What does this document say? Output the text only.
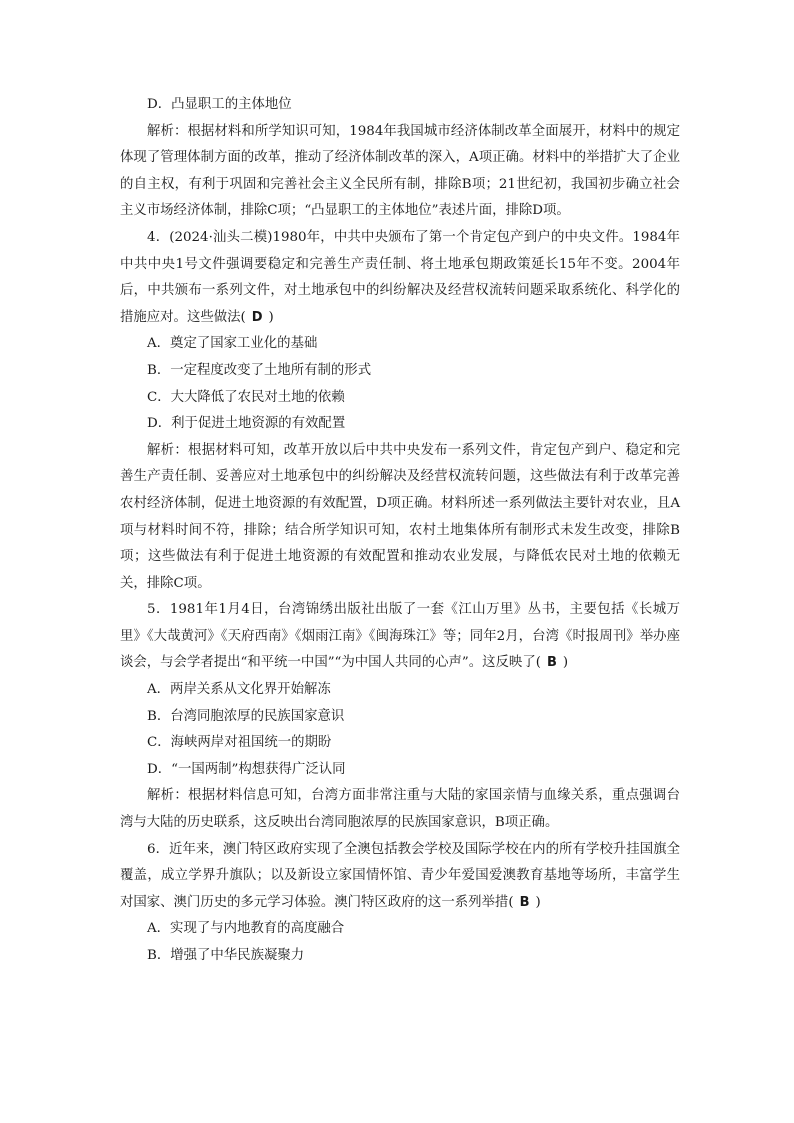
D．凸显职工的主体地位

解析：根据材料和所学知识可知，1984年我国城市经济体制改革全面展开，材料中的规定体现了管理体制方面的改革，推动了经济体制改革的深入，A项正确。材料中的举措扩大了企业的自主权，有利于巩固和完善社会主义全民所有制，排除B项；21世纪初，我国初步确立社会主义市场经济体制，排除C项；“凸显职工的主体地位”表述片面，排除D项。

4．(2024·汕头二模)1980年，中共中央颁布了第一个肯定包产到户的中央文件。1984年中共中央1号文件强调要稳定和完善生产责任制、将土地承包期政策延长15年不变。2004年后，中共颁布一系列文件，对土地承包中的纠纷解决及经营权流转问题采取系统化、科学化的措施应对。这些做法( D )

A．奠定了国家工业化的基础

B．一定程度改变了土地所有制的形式

C．大大降低了农民对土地的依赖

D．利于促进土地资源的有效配置

解析：根据材料可知，改革开放以后中共中央发布一系列文件，肯定包产到户、稳定和完善生产责任制、妥善应对土地承包中的纠纷解决及经营权流转问题，这些做法有利于改革完善农村经济体制，促进土地资源的有效配置，D项正确。材料所述一系列做法主要针对农业，且A项与材料时间不符，排除；结合所学知识可知，农村土地集体所有制形式未发生改变，排除B项；这些做法有利于促进土地资源的有效配置和推动农业发展，与降低农民对土地的依赖无关，排除C项。

5．1981年1月4日，台湾锦绣出版社出版了一套《江山万里》丛书，主要包括《长城万里》《大哉黄河》《天府西南》《烟雨江南》《闽海珠江》等；同年2月，台湾《时报周刊》举办座谈会，与会学者提出“和平统一中国”“为中国人共同的心声”。这反映了( B )

A．两岸关系从文化界开始解冻

B．台湾同胞浓厚的民族国家意识

C．海峡两岸对祖国统一的期盼

D．“一国两制”构想获得广泛认同

解析：根据材料信息可知，台湾方面非常注重与大陆的家国亲情与血缘关系，重点强调台湾与大陆的历史联系，这反映出台湾同胞浓厚的民族国家意识，B项正确。

6．近年来，澳门特区政府实现了全澳包括教会学校及国际学校在内的所有学校升挂国旗全覆盖，成立学界升旗队；以及新设立家国情怀馆、青少年爱国爱澳教育基地等场所，丰富学生对国家、澳门历史的多元学习体验。澳门特区政府的这一系列举措( B )

A．实现了与内地教育的高度融合

B．增强了中华民族凝聚力
